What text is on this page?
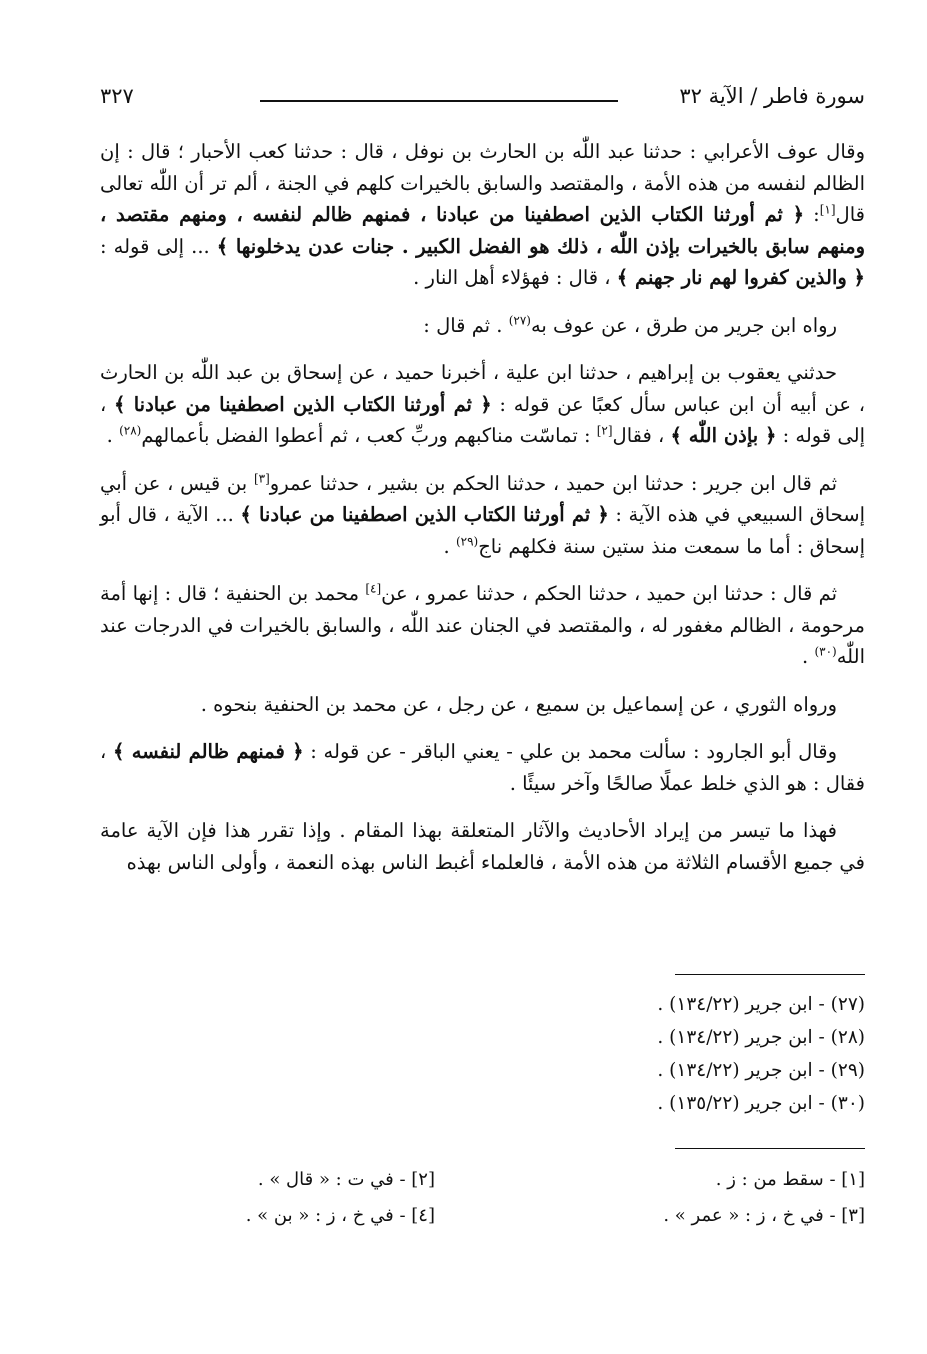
سورة فاطر / الآية ٣٢
٣٢٧

وقال عوف الأعرابي : حدثنا عبد اللّٰه بن الحارث بن نوفل ، قال : حدثنا كعب الأحبار ؛ قال : إن الظالم لنفسه من هذه الأمة ، والمقتصد والسابق بالخيرات كلهم في الجنة ، ألم تر أن اللّٰه تعالى قال[١]: ﴿ ثم أورثنا الكتاب الذين اصطفينا من عبادنا ، فمنهم ظالم لنفسه ، ومنهم مقتصد ، ومنهم سابق بالخيرات بإذن اللّٰه ، ذلك هو الفضل الكبير . جنات عدن يدخلونها ﴾ ... إلى قوله : ﴿ والذين كفروا لهم نار جهنم ﴾ ، قال : فهؤلاء أهل النار .

رواه ابن جرير من طرق ، عن عوف به$^{(٢٧)}$ . ثم قال :

حدثني يعقوب بن إبراهيم ، حدثنا ابن علية ، أخبرنا حميد ، عن إسحاق بن عبد اللّٰه بن الحارث ، عن أبيه أن ابن عباس سأل كعبًا عن قوله : ﴿ ثم أورثنا الكتاب الذين اصطفينا من عبادنا ﴾ ، إلى قوله : ﴿ بإذن اللّٰه ﴾ ، فقال[٢] : تماسّت مناكبهم وربِّ كعب ، ثم أعطوا الفضل بأعمالهم$^{(٢٨)}$ .

ثم قال ابن جرير : حدثنا ابن حميد ، حدثنا الحكم بن بشير ، حدثنا عمرو[٣] بن قيس ، عن أبي إسحاق السبيعي في هذه الآية : ﴿ ثم أورثنا الكتاب الذين اصطفينا من عبادنا ﴾ ... الآية ، قال أبو إسحاق : أما ما سمعت منذ ستين سنة فكلهم ناج$^{(٢٩)}$ .

ثم قال : حدثنا ابن حميد ، حدثنا الحكم ، حدثنا عمرو ، عن[٤] محمد بن الحنفية ؛ قال : إنها أمة مرحومة ، الظالم مغفور له ، والمقتصد في الجنان عند اللّٰه ، والسابق بالخيرات في الدرجات عند اللّٰه$^{(٣٠)}$ .

ورواه الثوري ، عن إسماعيل بن سميع ، عن رجل ، عن محمد بن الحنفية بنحوه .

وقال أبو الجارود : سألت محمد بن علي - يعني الباقر - عن قوله : ﴿ فمنهم ظالم لنفسه ﴾ ، فقال : هو الذي خلط عملًا صالحًا وآخر سيئًا .

فهذا ما تيسر من إيراد الأحاديث والآثار المتعلقة بهذا المقام . وإذا تقرر هذا فإن الآية عامة في جميع الأقسام الثلاثة من هذه الأمة ، فالعلماء أغبط الناس بهذه النعمة ، وأولى الناس بهذه

(٢٧) - ابن جرير (١٣٤/٢٢) .
(٢٨) - ابن جرير (١٣٤/٢٢) .
(٢٩) - ابن جرير (١٣٤/٢٢) .
(٣٠) - ابن جرير (١٣٥/٢٢) .
[١] - سقط من : ز .
[٣] - في خ ، ز : « عمر » .
[٢] - في ت : « قال » .
[٤] - في خ ، ز : « بن » .
